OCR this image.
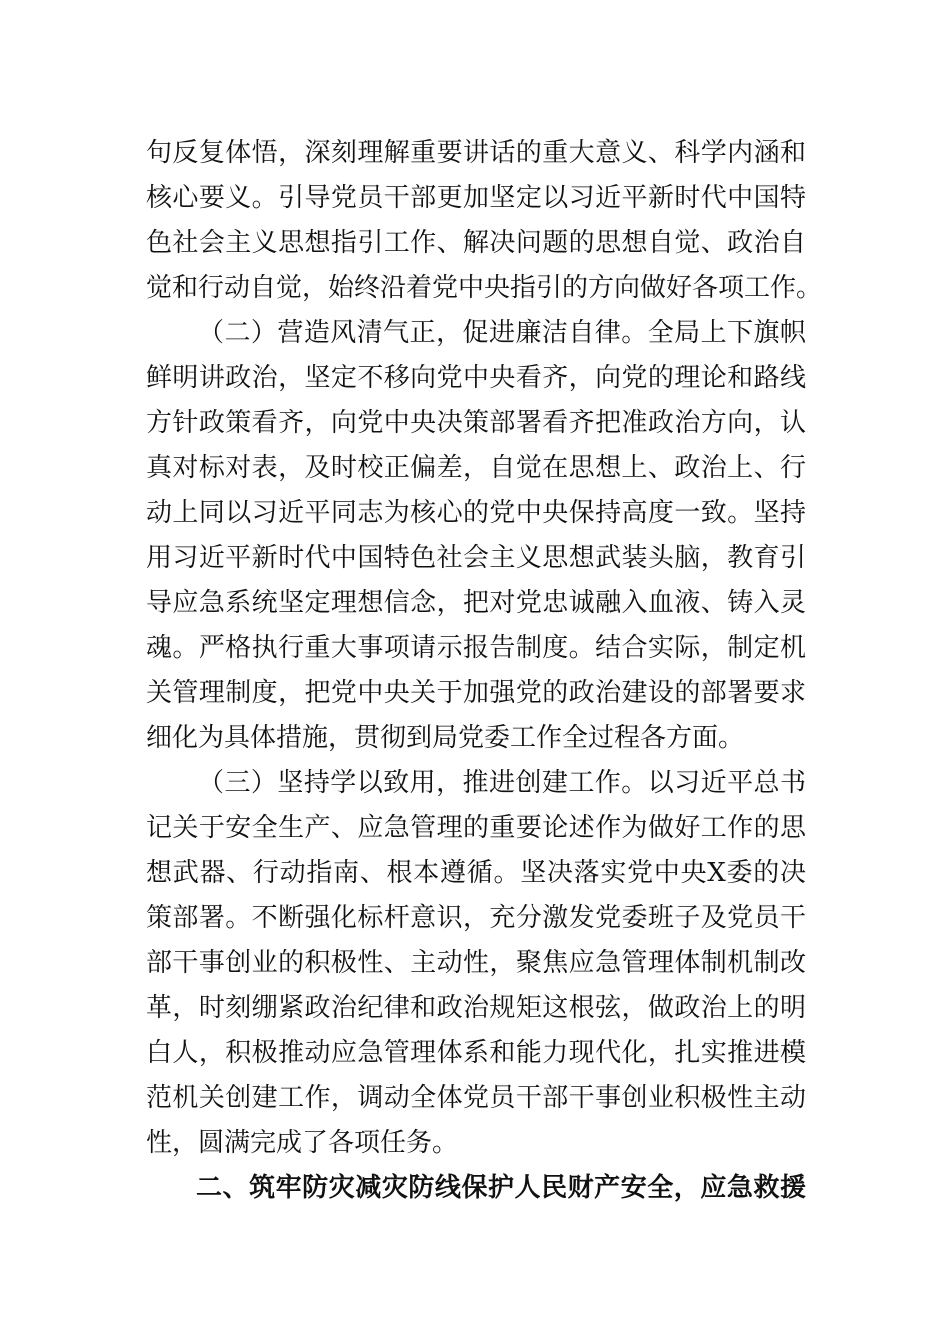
句反复体悟，深刻理解重要讲话的重大意义、科学内涵和
核心要义。引导党员干部更加坚定以习近平新时代中国特
色社会主义思想指引工作、解决问题的思想自觉、政治自
觉和行动自觉，始终沿着党中央指引的方向做好各项工作。
（二）营造风清气正，促进廉洁自律。全局上下旗帜
鲜明讲政治，坚定不移向党中央看齐，向党的理论和路线
方针政策看齐，向党中央决策部署看齐把准政治方向，认
真对标对表，及时校正偏差，自觉在思想上、政治上、行
动上同以习近平同志为核心的党中央保持高度一致。坚持
用习近平新时代中国特色社会主义思想武装头脑，教育引
导应急系统坚定理想信念，把对党忠诚融入血液、铸入灵
魂。严格执行重大事项请示报告制度。结合实际，制定机
关管理制度，把党中央关于加强党的政治建设的部署要求
细化为具体措施，贯彻到局党委工作全过程各方面。
（三）坚持学以致用，推进创建工作。以习近平总书
记关于安全生产、应急管理的重要论述作为做好工作的思
想武器、行动指南、根本遵循。坚决落实党中央X委的决
策部署。不断强化标杆意识，充分激发党委班子及党员干
部干事创业的积极性、主动性，聚焦应急管理体制机制改
革，时刻绷紧政治纪律和政治规矩这根弦，做政治上的明
白人，积极推动应急管理体系和能力现代化，扎实推进模
范机关创建工作，调动全体党员干部干事创业积极性主动
性，圆满完成了各项任务。
二、筑牢防灾减灾防线保护人民财产安全，应急救援
